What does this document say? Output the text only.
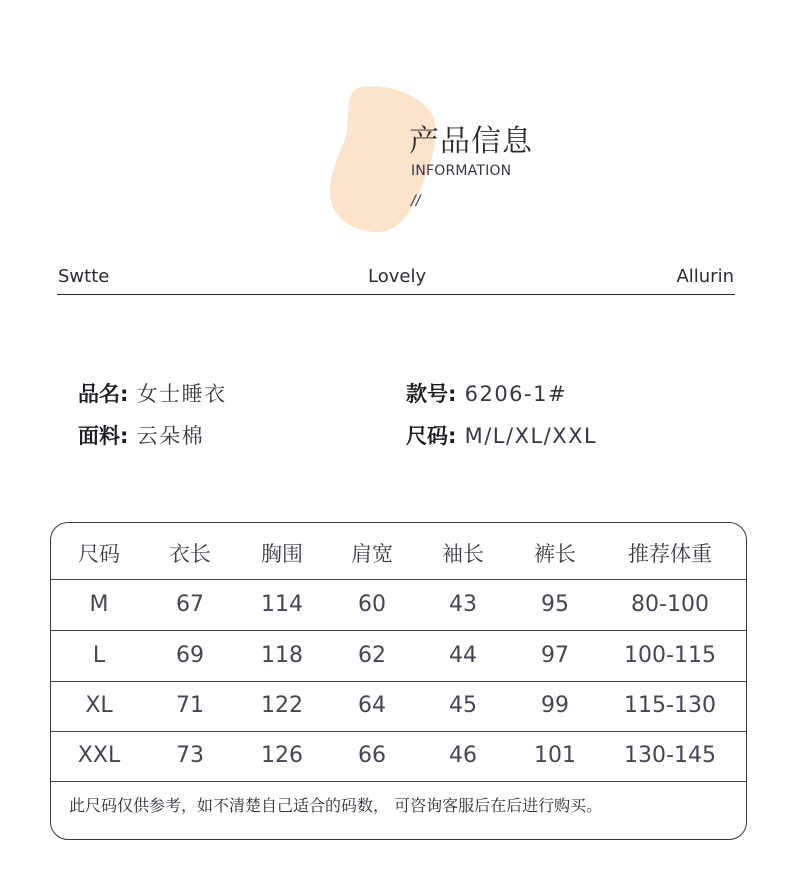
产品信息
INFORMATION
//
Swtte	Lovely	Allurin
品名: 女士睡衣	款号: 6206-1#
面料: 云朵棉	尺码: M/L/XL/XXL
尺码	衣长	胸围	肩宽	袖长	裤长	推荐体重
M	67	114	60	43	95	80-100
L	69	118	62	44	97	100-115
XL	71	122	64	45	99	115-130
XXL	73	126	66	46	101	130-145
此尺码仅供参考，如不清楚自己适合的码数， 可咨询客服后在后进行购买。
